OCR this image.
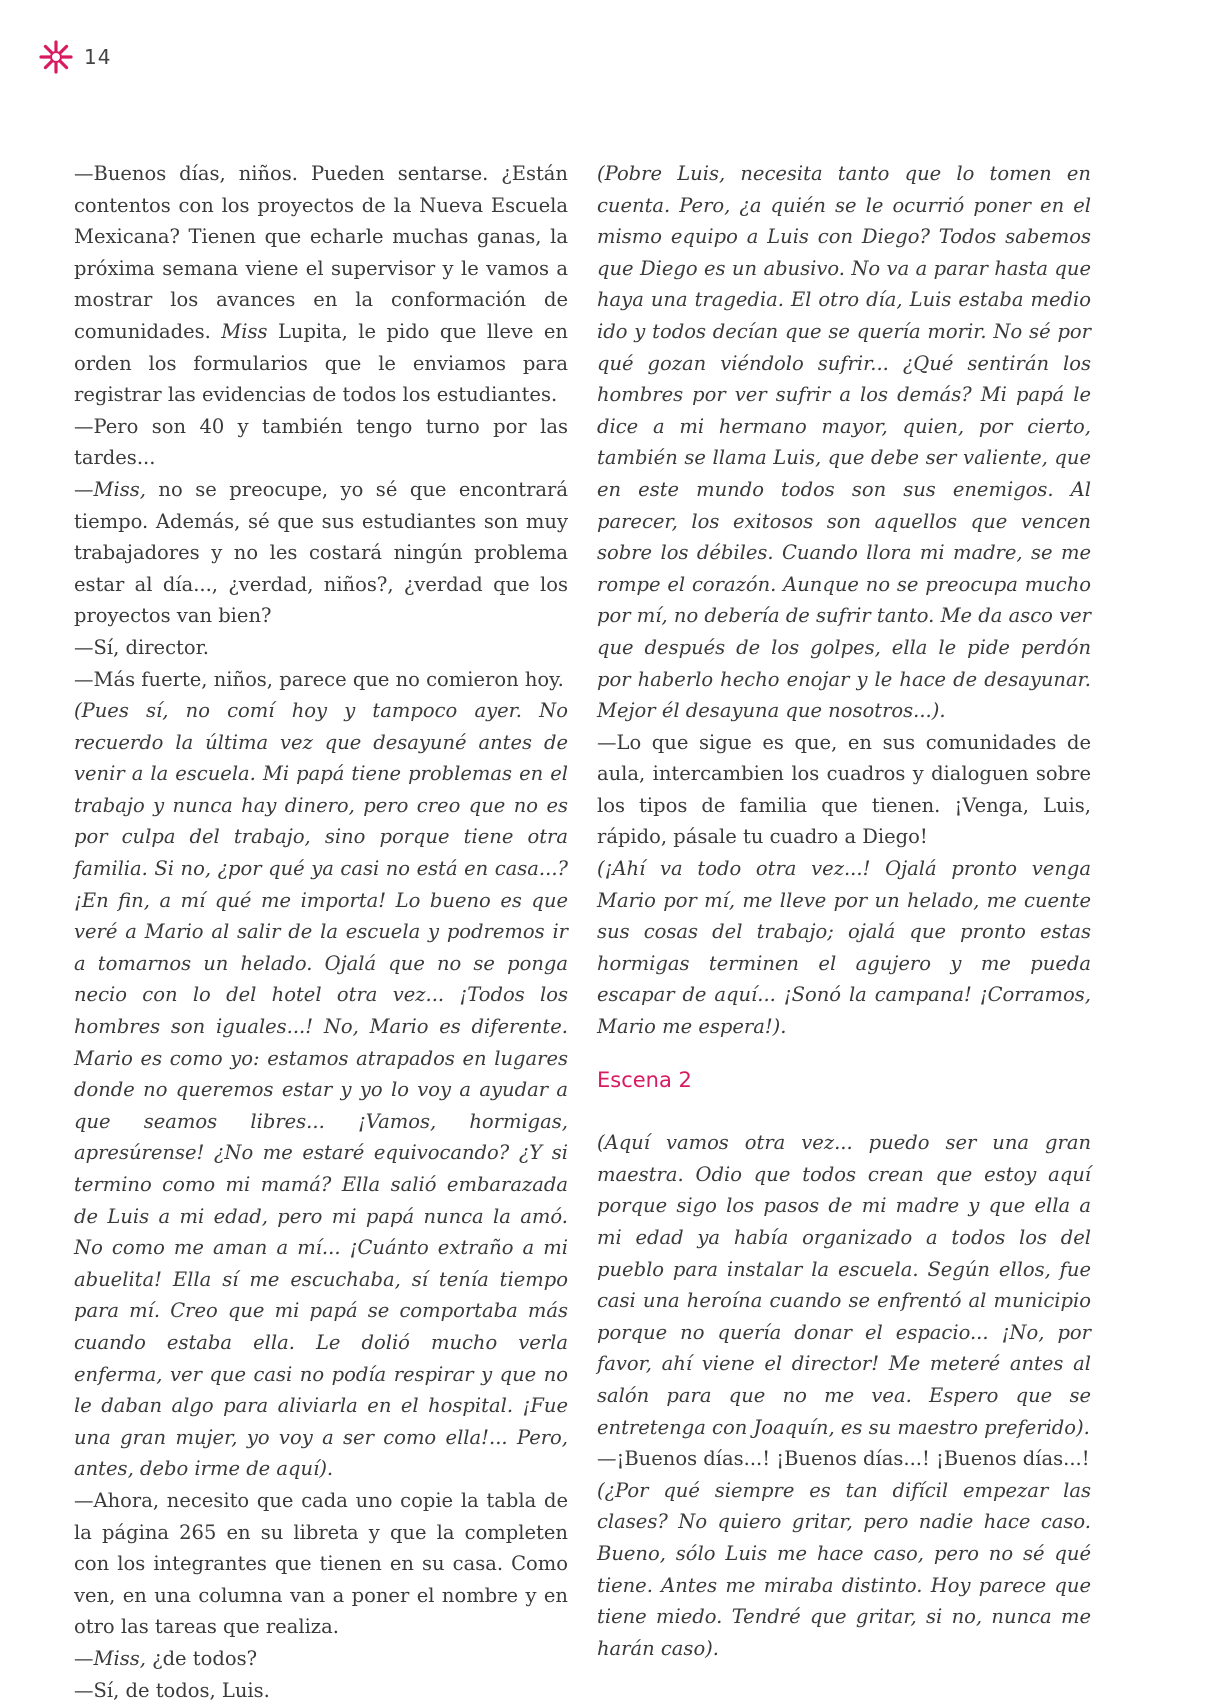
14

—Buenos días, niños. Pueden sentarse. ¿Están contentos con los proyectos de la Nueva Escuela Mexicana? Tienen que echarle muchas ganas, la próxima semana viene el supervisor y le vamos a mostrar los avances en la conformación de comunidades. Miss Lupita, le pido que lleve en orden los formularios que le enviamos para registrar las evidencias de todos los estudiantes.

—Pero son 40 y también tengo turno por las tardes...

—Miss, no se preocupe, yo sé que encontrará tiempo. Además, sé que sus estudiantes son muy trabajadores y no les costará ningún problema estar al día..., ¿verdad, niños?, ¿verdad que los proyectos van bien?

—Sí, director.

—Más fuerte, niños, parece que no comieron hoy.

(Pues sí, no comí hoy y tampoco ayer. No recuerdo la última vez que desayuné antes de venir a la escuela. Mi papá tiene problemas en el trabajo y nunca hay dinero, pero creo que no es por culpa del trabajo, sino porque tiene otra familia. Si no, ¿por qué ya casi no está en casa...? ¡En fin, a mí qué me importa! Lo bueno es que veré a Mario al salir de la escuela y podremos ir a tomarnos un helado. Ojalá que no se ponga necio con lo del hotel otra vez... ¡Todos los hombres son iguales...! No, Mario es diferente. Mario es como yo: estamos atrapados en lugares donde no queremos estar y yo lo voy a ayudar a que seamos libres... ¡Vamos, hormigas, apresúrense! ¿No me estaré equivocando? ¿Y si termino como mi mamá? Ella salió embarazada de Luis a mi edad, pero mi papá nunca la amó. No como me aman a mí... ¡Cuánto extraño a mi abuelita! Ella sí me escuchaba, sí tenía tiempo para mí. Creo que mi papá se comportaba más cuando estaba ella. Le dolió mucho verla enferma, ver que casi no podía respirar y que no le daban algo para aliviarla en el hospital. ¡Fue una gran mujer, yo voy a ser como ella!... Pero, antes, debo irme de aquí).

—Ahora, necesito que cada uno copie la tabla de la página 265 en su libreta y que la completen con los integrantes que tienen en su casa. Como ven, en una columna van a poner el nombre y en otro las tareas que realiza.

—Miss, ¿de todos?

—Sí, de todos, Luis.

(Pobre Luis, necesita tanto que lo tomen en cuenta. Pero, ¿a quién se le ocurrió poner en el mismo equipo a Luis con Diego? Todos sabemos que Diego es un abusivo. No va a parar hasta que haya una tragedia. El otro día, Luis estaba medio ido y todos decían que se quería morir. No sé por qué gozan viéndolo sufrir... ¿Qué sentirán los hombres por ver sufrir a los demás? Mi papá le dice a mi hermano mayor, quien, por cierto, también se llama Luis, que debe ser valiente, que en este mundo todos son sus enemigos. Al parecer, los exitosos son aquellos que vencen sobre los débiles. Cuando llora mi madre, se me rompe el corazón. Aunque no se preocupa mucho por mí, no debería de sufrir tanto. Me da asco ver que después de los golpes, ella le pide perdón por haberlo hecho enojar y le hace de desayunar. Mejor él desayuna que nosotros...).

—Lo que sigue es que, en sus comunidades de aula, intercambien los cuadros y dialoguen sobre los tipos de familia que tienen. ¡Venga, Luis, rápido, pásale tu cuadro a Diego!

(¡Ahí va todo otra vez...! Ojalá pronto venga Mario por mí, me lleve por un helado, me cuente sus cosas del trabajo; ojalá que pronto estas hormigas terminen el agujero y me pueda escapar de aquí... ¡Sonó la campana! ¡Corramos, Mario me espera!).

Escena 2

(Aquí vamos otra vez... puedo ser una gran maestra. Odio que todos crean que estoy aquí porque sigo los pasos de mi madre y que ella a mi edad ya había organizado a todos los del pueblo para instalar la escuela. Según ellos, fue casi una heroína cuando se enfrentó al municipio porque no quería donar el espacio... ¡No, por favor, ahí viene el director! Me meteré antes al salón para que no me vea. Espero que se entretenga con Joaquín, es su maestro preferido).

—¡Buenos días...! ¡Buenos días...! ¡Buenos días...!

(¿Por qué siempre es tan difícil empezar las clases? No quiero gritar, pero nadie hace caso. Bueno, sólo Luis me hace caso, pero no sé qué tiene. Antes me miraba distinto. Hoy parece que tiene miedo. Tendré que gritar, si no, nunca me harán caso).
